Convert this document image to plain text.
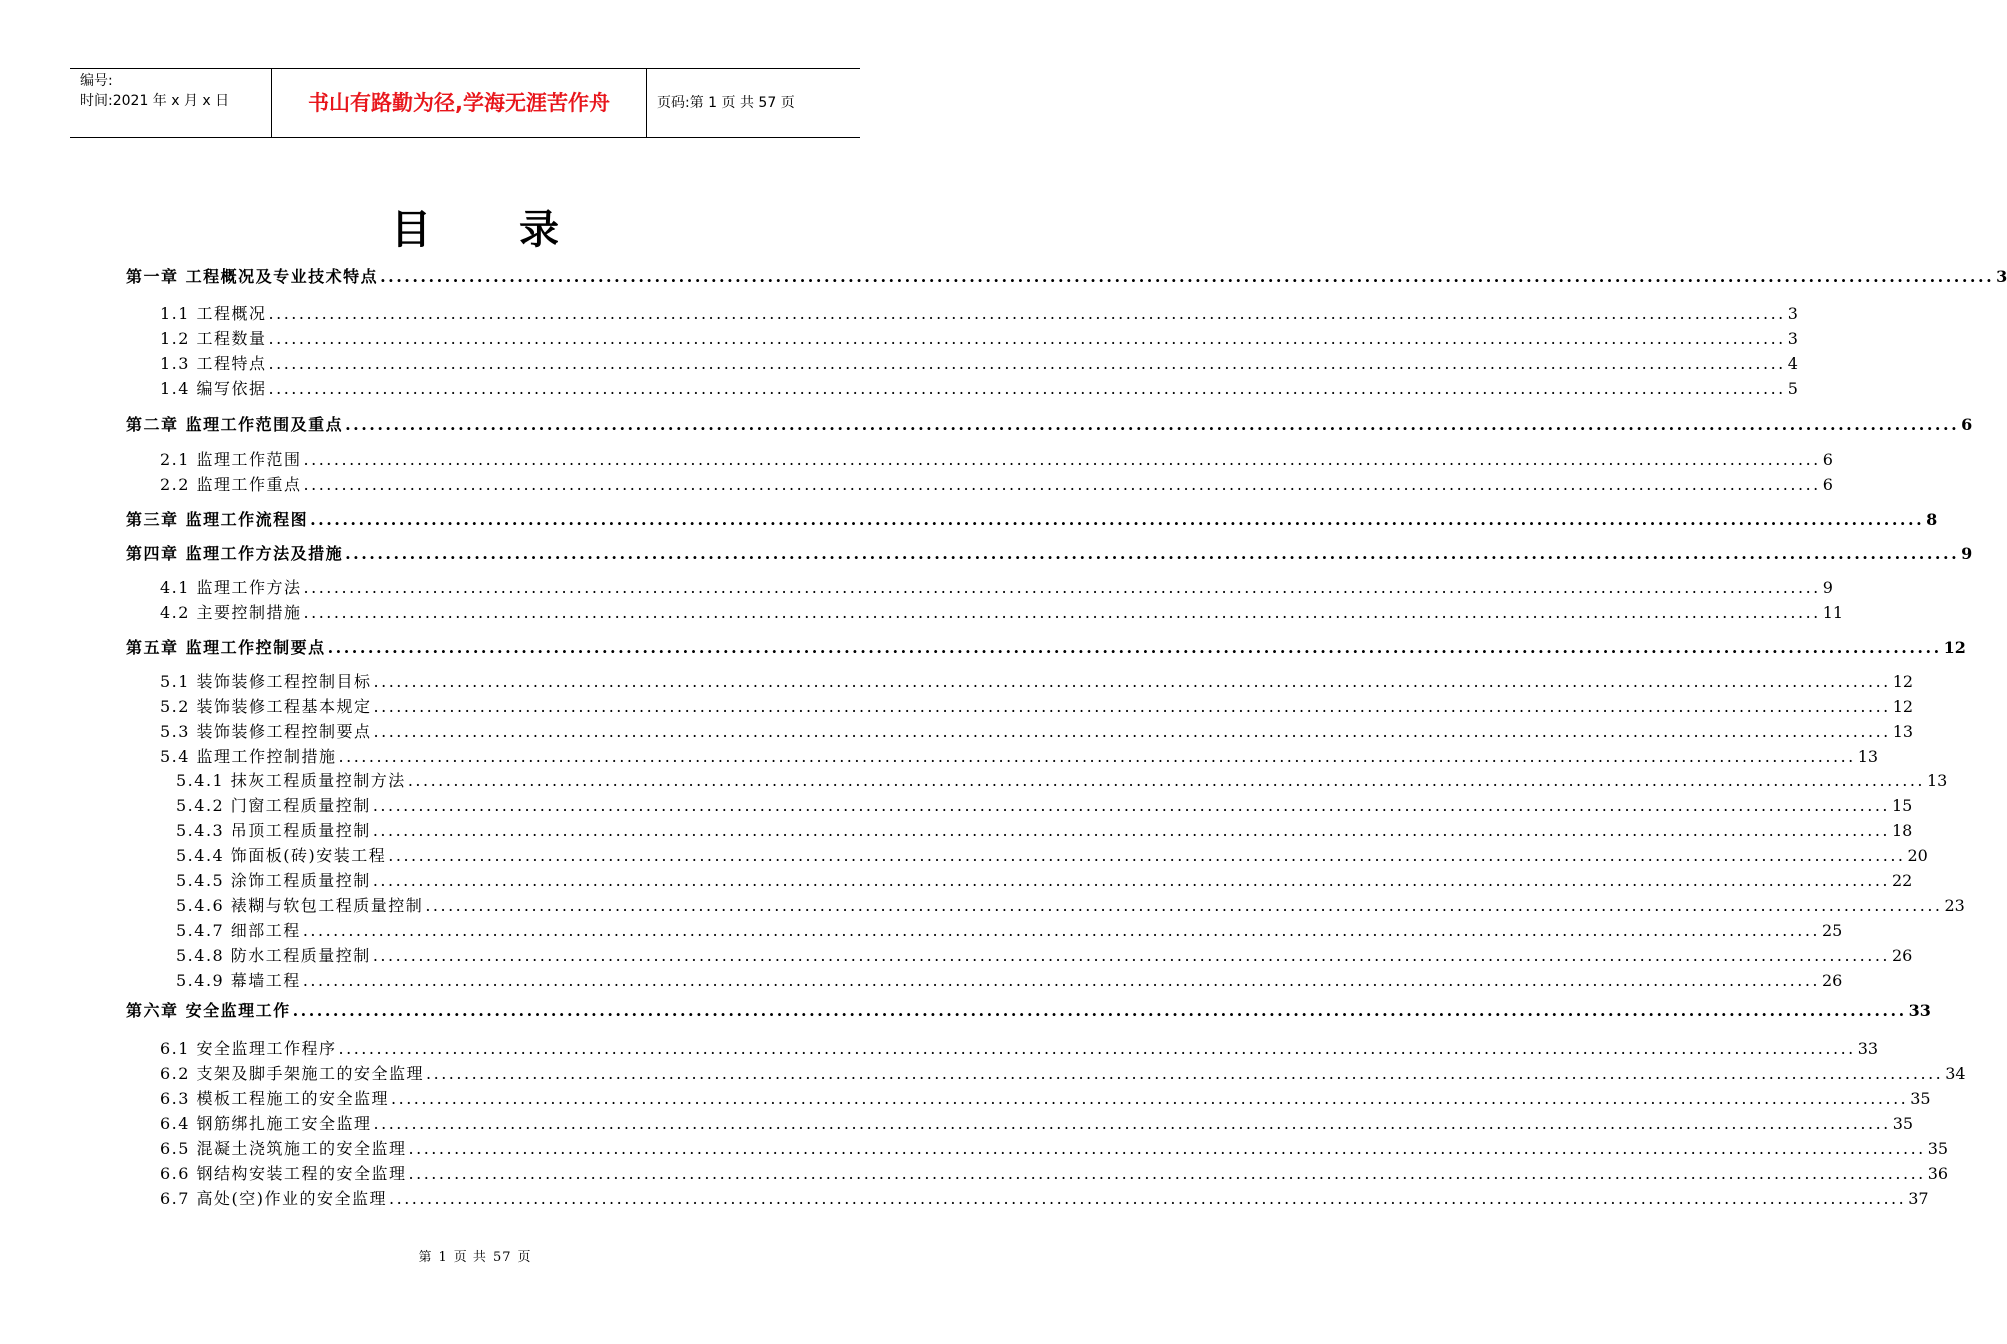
编号:
时间:2021 年 x 月 x 日	书山有路勤为径,学海无涯苦作舟	页码:第 1 页 共 57 页
目录
第一章 工程概况及专业技术特点 ........................................................................................................................................................................................................ 3
1.1 工程概况 ........................................................................................................................................................................................................ 3
1.2 工程数量 ........................................................................................................................................................................................................ 3
1.3 工程特点 ........................................................................................................................................................................................................ 4
1.4 编写依据 ........................................................................................................................................................................................................ 5
第二章 监理工作范围及重点 ........................................................................................................................................................................................................ 6
2.1 监理工作范围 ........................................................................................................................................................................................................ 6
2.2 监理工作重点 ........................................................................................................................................................................................................ 6
第三章 监理工作流程图 ........................................................................................................................................................................................................ 8
第四章 监理工作方法及措施 ........................................................................................................................................................................................................ 9
4.1 监理工作方法 ........................................................................................................................................................................................................ 9
4.2 主要控制措施 ........................................................................................................................................................................................................ 11
第五章 监理工作控制要点 ........................................................................................................................................................................................................ 12
5.1 装饰装修工程控制目标 ........................................................................................................................................................................................................ 12
5.2 装饰装修工程基本规定 ........................................................................................................................................................................................................ 12
5.3 装饰装修工程控制要点 ........................................................................................................................................................................................................ 13
5.4 监理工作控制措施 ........................................................................................................................................................................................................ 13
5.4.1 抹灰工程质量控制方法 ........................................................................................................................................................................................................ 13
5.4.2 门窗工程质量控制 ........................................................................................................................................................................................................ 15
5.4.3 吊顶工程质量控制 ........................................................................................................................................................................................................ 18
5.4.4 饰面板(砖)安装工程 ........................................................................................................................................................................................................ 20
5.4.5 涂饰工程质量控制 ........................................................................................................................................................................................................ 22
5.4.6 裱糊与软包工程质量控制 ........................................................................................................................................................................................................ 23
5.4.7 细部工程 ........................................................................................................................................................................................................ 25
5.4.8 防水工程质量控制 ........................................................................................................................................................................................................ 26
5.4.9 幕墙工程 ........................................................................................................................................................................................................ 26
第六章 安全监理工作 ........................................................................................................................................................................................................ 33
6.1 安全监理工作程序 ........................................................................................................................................................................................................ 33
6.2 支架及脚手架施工的安全监理 ........................................................................................................................................................................................................ 34
6.3 模板工程施工的安全监理 ........................................................................................................................................................................................................ 35
6.4 钢筋绑扎施工安全监理 ........................................................................................................................................................................................................ 35
6.5 混凝土浇筑施工的安全监理 ........................................................................................................................................................................................................ 35
6.6 钢结构安装工程的安全监理 ........................................................................................................................................................................................................ 36
6.7 高处(空)作业的安全监理 ........................................................................................................................................................................................................ 37
第 1 页 共 57 页
